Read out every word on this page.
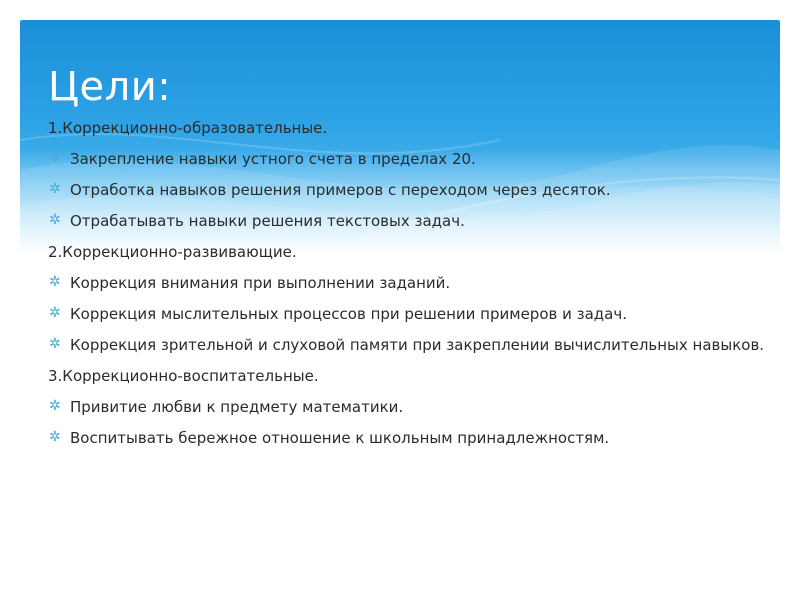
Цели:

1.Коррекционно-образовательные.

✲ Закрепление навыки устного счета в пределах 20.
✲ Отработка навыков решения примеров с переходом через десяток.
✲ Отрабатывать навыки решения текстовых задач.

2.Коррекционно-развивающие.

✲ Коррекция внимания при выполнении заданий.
✲ Коррекция мыслительных процессов при решении примеров и задач.
✲ Коррекция зрительной и слуховой памяти при закреплении вычислительных навыков.

3.Коррекционно-воспитательные.

✲ Привитие любви к предмету математики.
✲ Воспитывать бережное отношение к школьным принадлежностям.
